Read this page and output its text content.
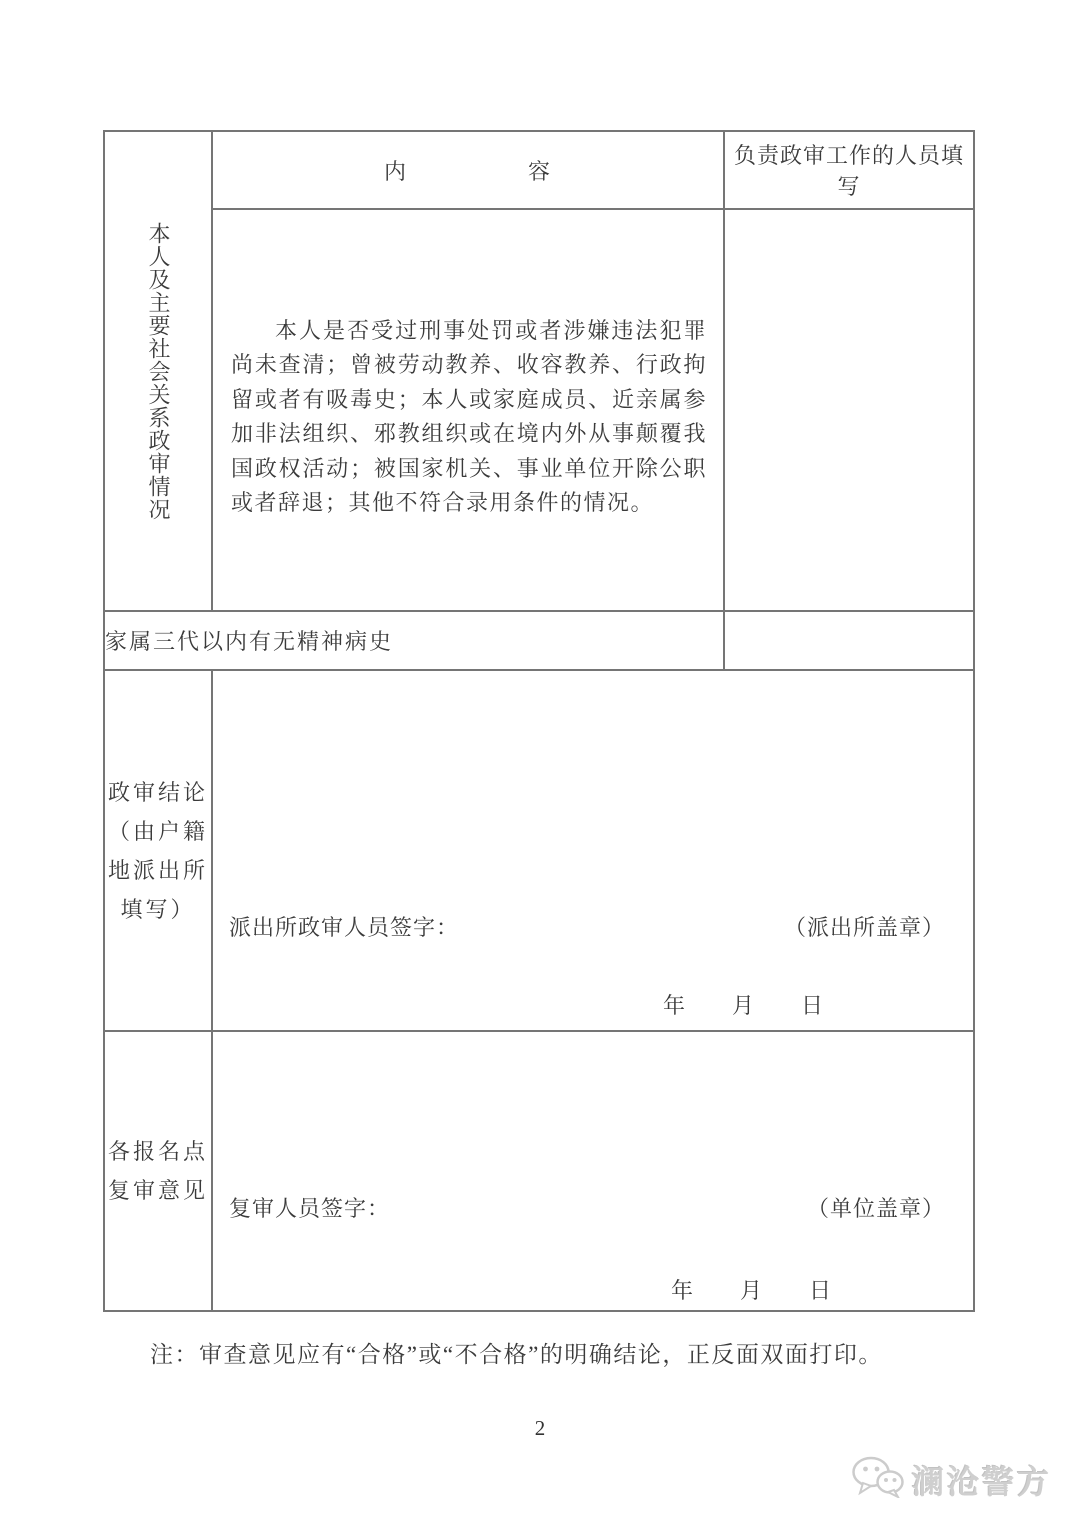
本人及主要社会关系政审情况	内　　　　　容	负责政审工作的人员填写

	本人是否受过刑事处罚或者涉嫌违法犯罪尚未查清；曾被劳动教养、收容教养、行政拘留或者有吸毒史；本人或家庭成员、近亲属参加非法组织、邪教组织或在境内外从事颠覆我国政权活动；被国家机关、事业单位开除公职或者辞退；其他不符合录用条件的情况。	

家属三代以内有无精神病史		

政审结论
（由户籍
地派出所
填写）

派出所政审人员签字：	（派出所盖章）
年　　月　　日

各报名点
复审意见

复审人员签字：	（单位盖章）
年　　月　　日
注：审查意见应有“合格”或“不合格”的明确结论，正反面双面打印。
2
澜沧警方
